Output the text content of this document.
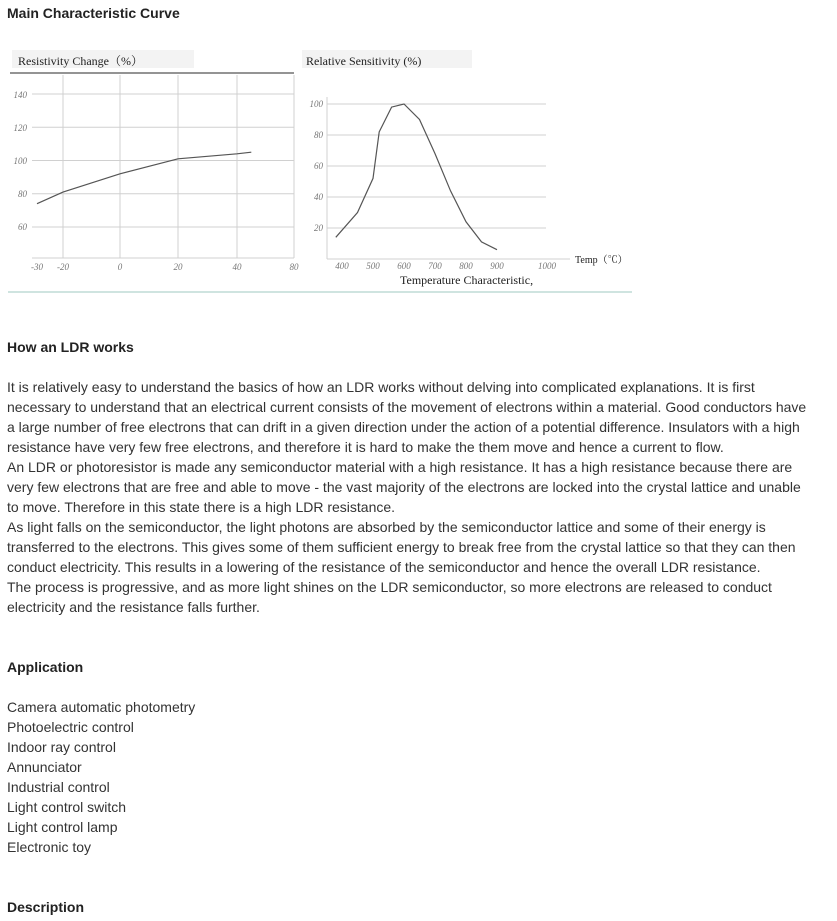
Main Characteristic Curve
Resistivity Change（%）
140
120
100
80
60
-30 -20	0	20	40	80
Relative Sensitivity (%)
100
80
60
40
20
400 500 600 700 800 900	1000 Temp（℃）
Temperature Characteristic,
How an LDR works

It is relatively easy to understand the basics of how an LDR works without delving into complicated explanations. It is first necessary to understand that an electrical current consists of the movement of electrons within a material. Good conductors have a large number of free electrons that can drift in a given direction under the action of a potential difference. Insulators with a high resistance have very few free electrons, and therefore it is hard to make the them move and hence a current to flow.

An LDR or photoresistor is made any semiconductor material with a high resistance. It has a high resistance because there are very few electrons that are free and able to move - the vast majority of the electrons are locked into the crystal lattice and unable to move. Therefore in this state there is a high LDR resistance.

As light falls on the semiconductor, the light photons are absorbed by the semiconductor lattice and some of their energy is transferred to the electrons. This gives some of them sufficient energy to break free from the crystal lattice so that they can then conduct electricity. This results in a lowering of the resistance of the semiconductor and hence the overall LDR resistance.

The process is progressive, and as more light shines on the LDR semiconductor, so more electrons are released to conduct electricity and the resistance falls further.

Application
Camera automatic photometry
Photoelectric control
Indoor ray control
Annunciator
Industrial control
Light control switch
Light control lamp
Electronic toy
Description
